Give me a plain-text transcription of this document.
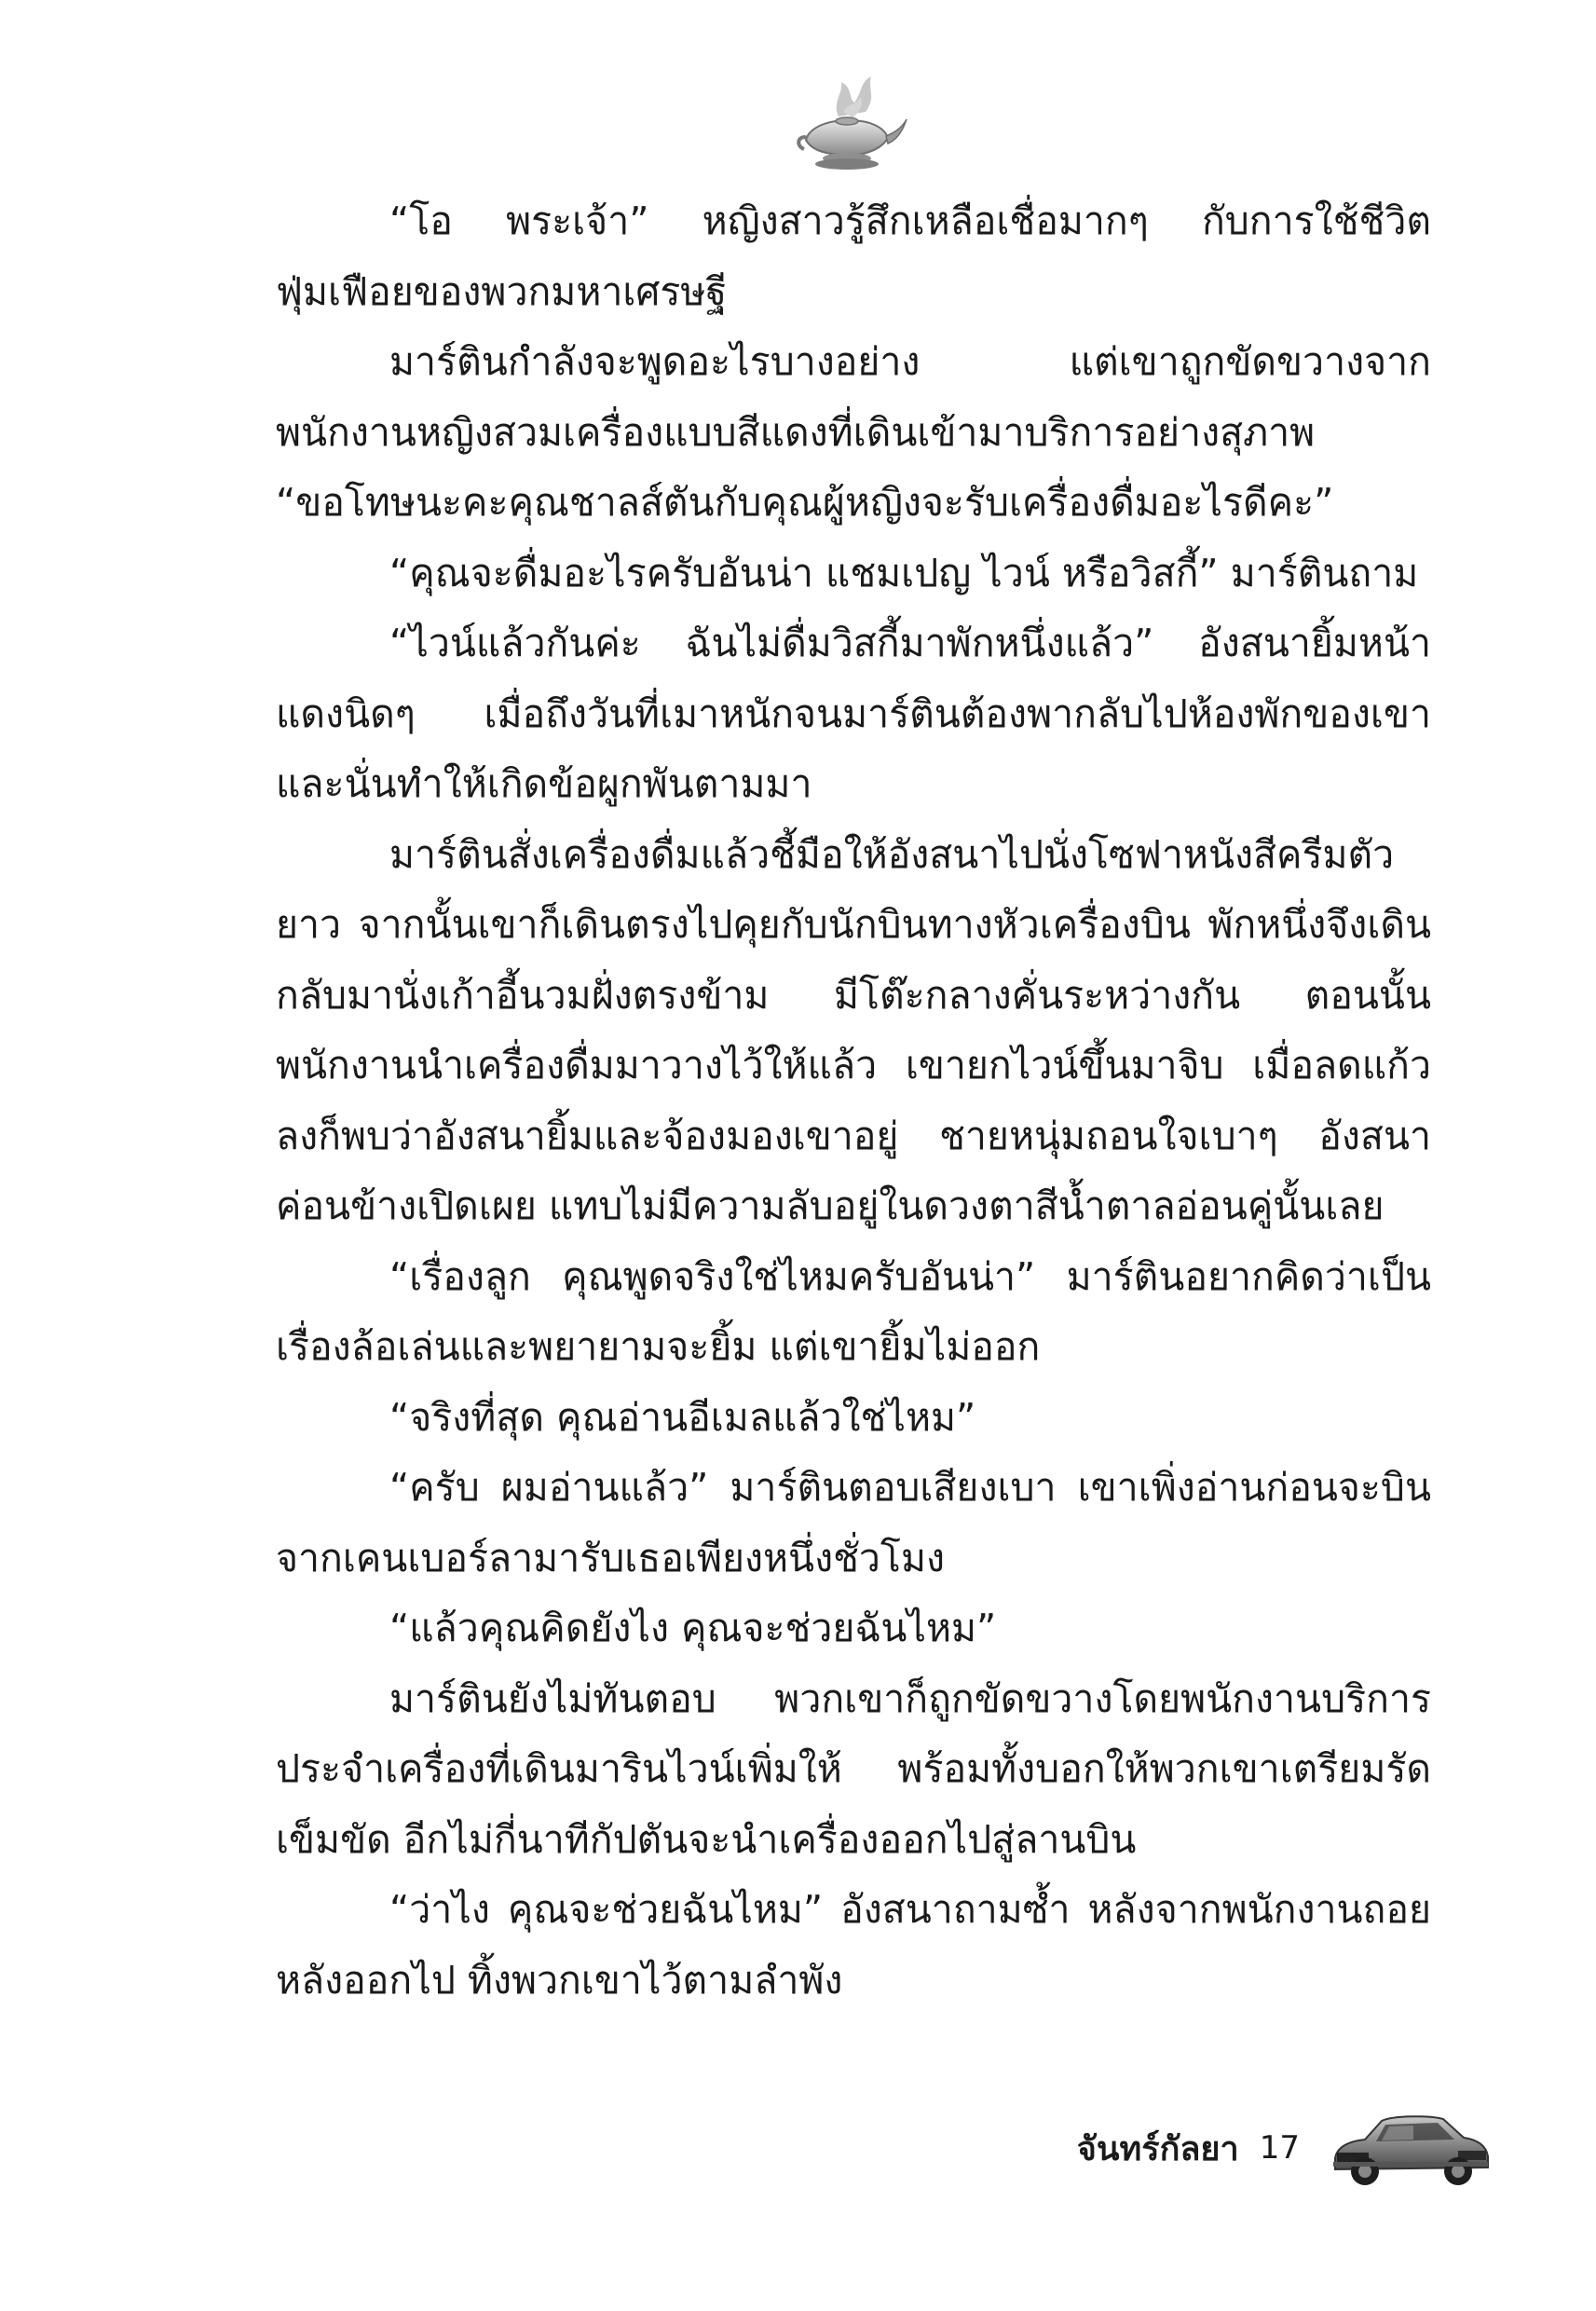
“โอ พระเจ้า” หญิงสาวรู้สึกเหลือเชื่อมากๆ กับการใช้ชีวิตฟุ่มเฟือยของพวกมหาเศรษฐี

มาร์ตินกำลังจะพูดอะไรบางอย่าง แต่เขาถูกขัดขวางจากพนักงานหญิงสวมเครื่องแบบสีแดงที่เดินเข้ามาบริการอย่างสุภาพ “ขอโทษนะคะคุณชาลส์ตันกับคุณผู้หญิงจะรับเครื่องดื่มอะไรดีคะ”

“คุณจะดื่มอะไรครับอันน่า แชมเปญ ไวน์ หรือวิสกี้” มาร์ตินถาม

“ไวน์แล้วกันค่ะ ฉันไม่ดื่มวิสกี้มาพักหนึ่งแล้ว” อังสนายิ้มหน้าแดงนิดๆ เมื่อถึงวันที่เมาหนักจนมาร์ตินต้องพากลับไปห้องพักของเขา และนั่นทำให้เกิดข้อผูกพันตามมา

มาร์ตินสั่งเครื่องดื่มแล้วชี้มือให้อังสนาไปนั่งโซฟาหนังสีครีมตัวยาว จากนั้นเขาก็เดินตรงไปคุยกับนักบินทางหัวเครื่องบิน พักหนึ่งจึงเดินกลับมานั่งเก้าอี้นวมฝั่งตรงข้าม มีโต๊ะกลางคั่นระหว่างกัน ตอนนั้นพนักงานนำเครื่องดื่มมาวางไว้ให้แล้ว เขายกไวน์ขึ้นมาจิบ เมื่อลดแก้วลงก็พบว่าอังสนายิ้มและจ้องมองเขาอยู่ ชายหนุ่มถอนใจเบาๆ อังสนาค่อนข้างเปิดเผย แทบไม่มีความลับอยู่ในดวงตาสีน้ำตาลอ่อนคู่นั้นเลย

“เรื่องลูก คุณพูดจริงใช่ไหมครับอันน่า” มาร์ตินอยากคิดว่าเป็นเรื่องล้อเล่นและพยายามจะยิ้ม แต่เขายิ้มไม่ออก

“จริงที่สุด คุณอ่านอีเมลแล้วใช่ไหม”

“ครับ ผมอ่านแล้ว” มาร์ตินตอบเสียงเบา เขาเพิ่งอ่านก่อนจะบินจากเคนเบอร์ลามารับเธอเพียงหนึ่งชั่วโมง

“แล้วคุณคิดยังไง คุณจะช่วยฉันไหม”

มาร์ตินยังไม่ทันตอบ พวกเขาก็ถูกขัดขวางโดยพนักงานบริการประจำเครื่องที่เดินมารินไวน์เพิ่มให้ พร้อมทั้งบอกให้พวกเขาเตรียมรัดเข็มขัด อีกไม่กี่นาทีกัปตันจะนำเครื่องออกไปสู่ลานบิน

“ว่าไง คุณจะช่วยฉันไหม” อังสนาถามซ้ำ หลังจากพนักงานถอยหลังออกไป ทิ้งพวกเขาไว้ตามลำพัง

จันทร์กัลยา 17
